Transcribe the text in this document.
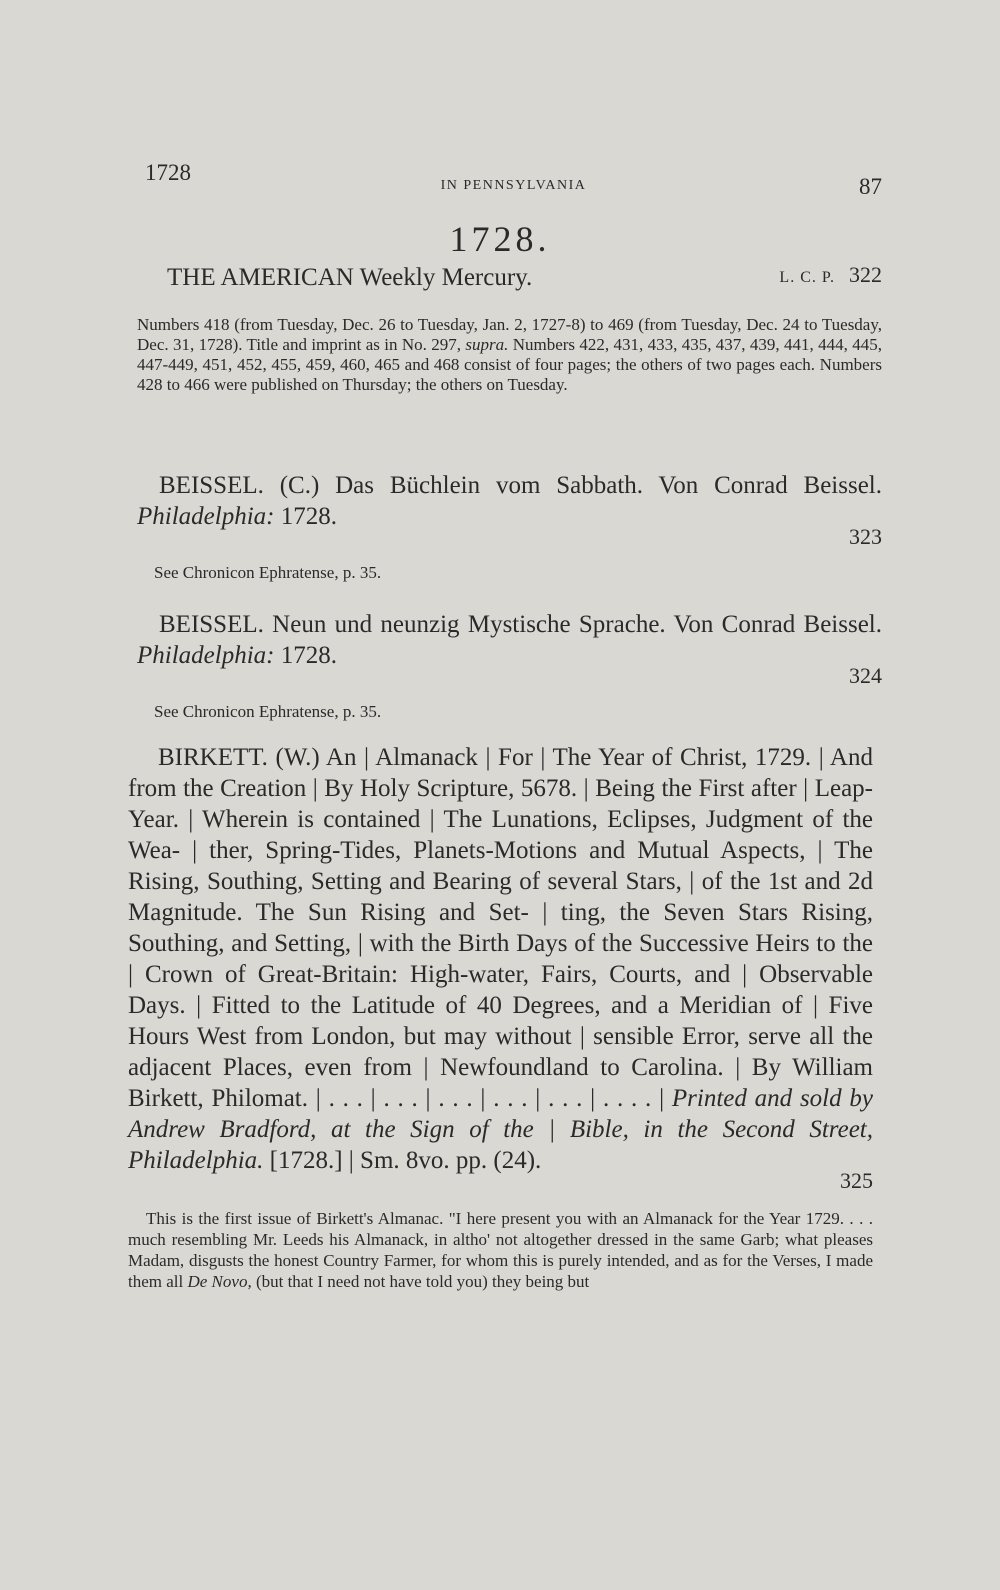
1728
IN PENNSYLVANIA	87
1728.
THE AMERICAN Weekly Mercury.	L. C. P. 322
Numbers 418 (from Tuesday, Dec. 26 to Tuesday, Jan. 2, 1727-8) to 469 (from Tuesday, Dec. 24 to Tuesday, Dec. 31, 1728). Title and imprint as in No. 297, supra. Numbers 422, 431, 433, 435, 437, 439, 441, 444, 445, 447-449, 451, 452, 455, 459, 460, 465 and 468 consist of four pages; the others of two pages each. Numbers 428 to 466 were published on Thursday; the others on Tuesday.
BEISSEL. (C.) Das Büchlein vom Sabbath. Von Conrad Beissel. Philadelphia: 1728.
323
See Chronicon Ephratense, p. 35.
BEISSEL. Neun und neunzig Mystische Sprache. Von Conrad Beissel. Philadelphia: 1728.
324
See Chronicon Ephratense, p. 35.
BIRKETT. (W.) An | Almanack | For | The Year of Christ, 1729. | And from the Creation | By Holy Scripture, 5678. | Being the First after | Leap-Year. | Wherein is contained | The Lunations, Eclipses, Judgment of the Wea- | ther, Spring-Tides, Planets-Motions and Mutual Aspects, | The Rising, Southing, Setting and Bearing of several Stars, | of the 1st and 2d Magnitude. The Sun Rising and Set- | ting, the Seven Stars Rising, Southing, and Setting, | with the Birth Days of the Successive Heirs to the | Crown of Great-Britain: High-water, Fairs, Courts, and | Observable Days. | Fitted to the Latitude of 40 Degrees, and a Meridian of | Five Hours West from London, but may without | sensible Error, serve all the adjacent Places, even from | Newfoundland to Carolina. | By William Birkett, Philomat. | . . . | . . . | . . . | . . . | . . . | . . . . | Printed and sold by Andrew Bradford, at the Sign of the | Bible, in the Second Street, Philadelphia. [1728.] | Sm. 8vo. pp. (24).
325
This is the first issue of Birkett's Almanac. "I here present you with an Almanack for the Year 1729. . . . much resembling Mr. Leeds his Almanack, in altho' not altogether dressed in the same Garb; what pleases Madam, disgusts the honest Country Farmer, for whom this is purely intended, and as for the Verses, I made them all De Novo, (but that I need not have told you) they being but
